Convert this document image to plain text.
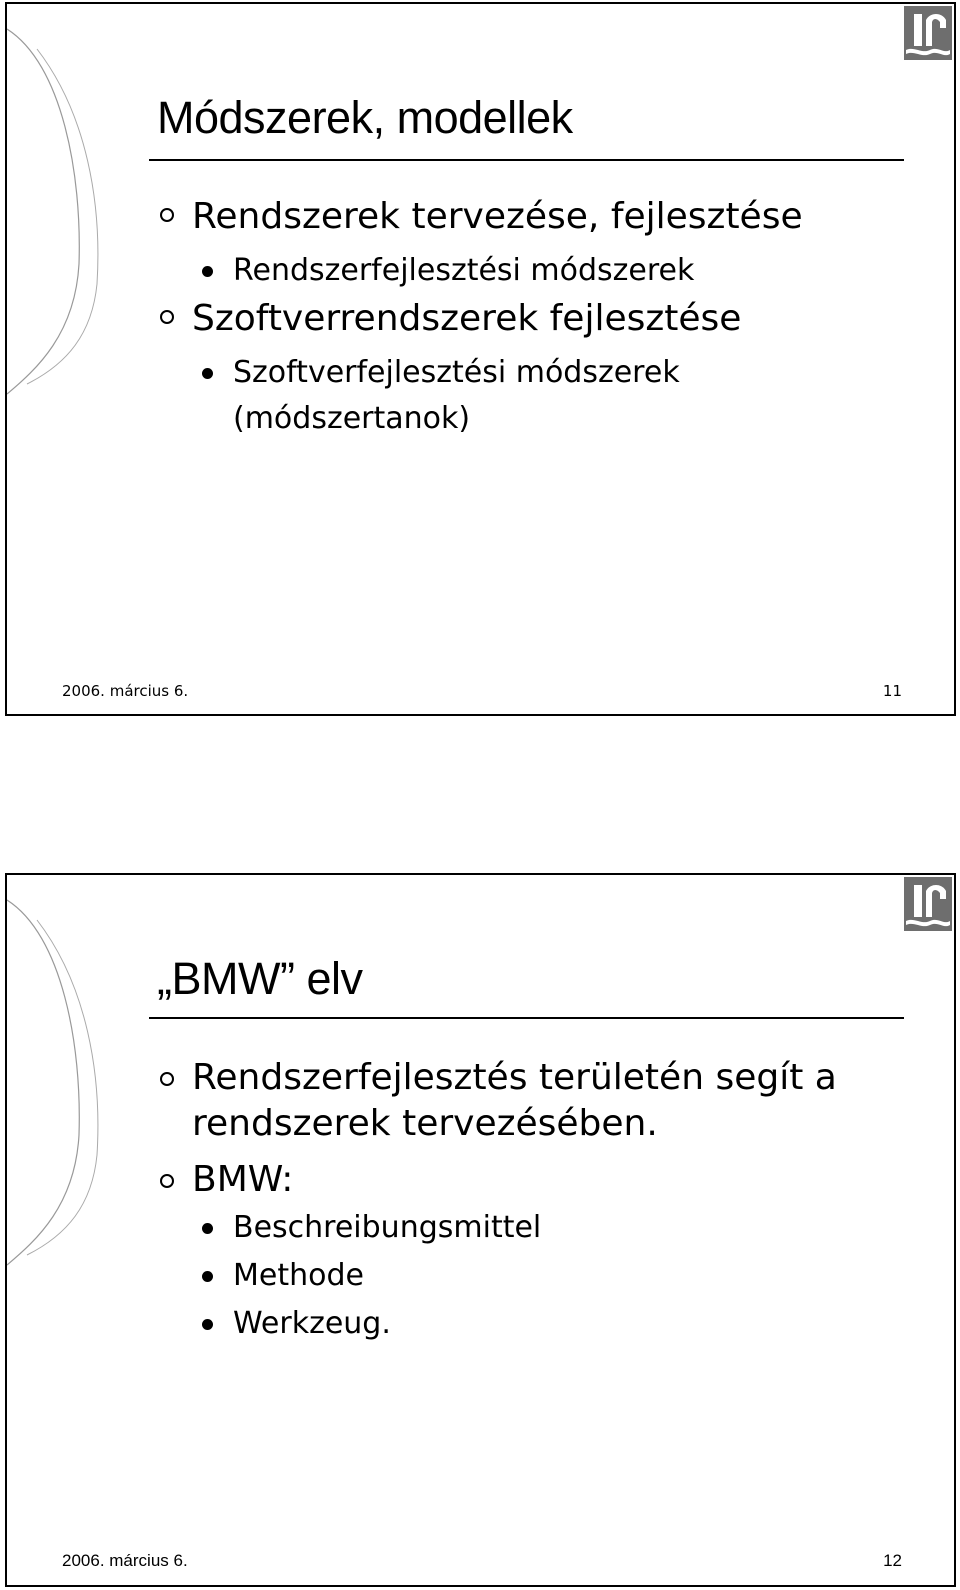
Módszerek, modellek
Rendszerek tervezése, fejlesztése
Rendszerfejlesztési módszerek
Szoftverrendszerek fejlesztése
Szoftverfejlesztési módszerek (módszertanok)
2006. március 6.	11
„BMW” elv
Rendszerfejlesztés területén segít a rendszerek tervezésében.
BMW:
Beschreibungsmittel
Methode
Werkzeug.
2006. március 6.	12
